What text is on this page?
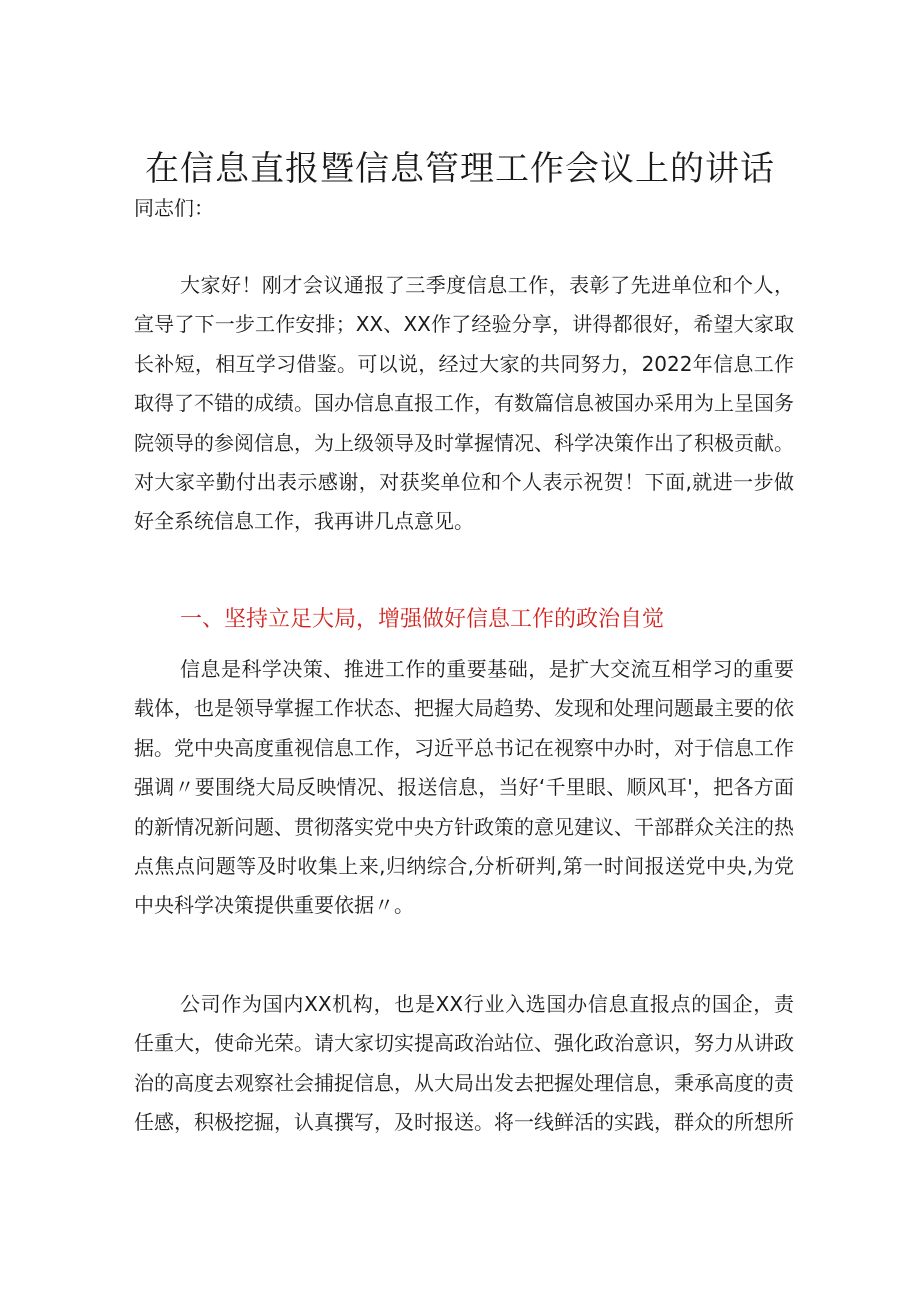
在信息直报暨信息管理工作会议上的讲话
同志们：

大家好！刚才会议通报了三季度信息工作，表彰了先进单位和个人，宣导了下一步工作安排；XX、XX作了经验分享，讲得都很好，希望大家取长补短，相互学习借鉴。可以说，经过大家的共同努力，2022年信息工作取得了不错的成绩。国办信息直报工作，有数篇信息被国办采用为上呈国务院领导的参阅信息，为上级领导及时掌握情况、科学决策作出了积极贡献。对大家辛勤付出表示感谢，对获奖单位和个人表示祝贺！下面,就进一步做好全系统信息工作，我再讲几点意见。

一、坚持立足大局，增强做好信息工作的政治自觉

信息是科学决策、推进工作的重要基础，是扩大交流互相学习的重要载体，也是领导掌握工作状态、把握大局趋势、发现和处理问题最主要的依据。党中央高度重视信息工作，习近平总书记在视察中办时，对于信息工作强调〃要围绕大局反映情况、报送信息，当好‘千里眼、顺风耳'，把各方面的新情况新问题、贯彻落实党中央方针政策的意见建议、干部群众关注的热点焦点问题等及时收集上来,归纳综合,分析研判,第一时间报送党中央,为党中央科学决策提供重要依据〃。

公司作为国内XX机构，也是XX行业入选国办信息直报点的国企，责任重大，使命光荣。请大家切实提高政治站位、强化政治意识，努力从讲政治的高度去观察社会捕捉信息，从大局出发去把握处理信息，秉承高度的责任感，积极挖掘，认真撰写，及时报送。将一线鲜活的实践，群众的所想所
